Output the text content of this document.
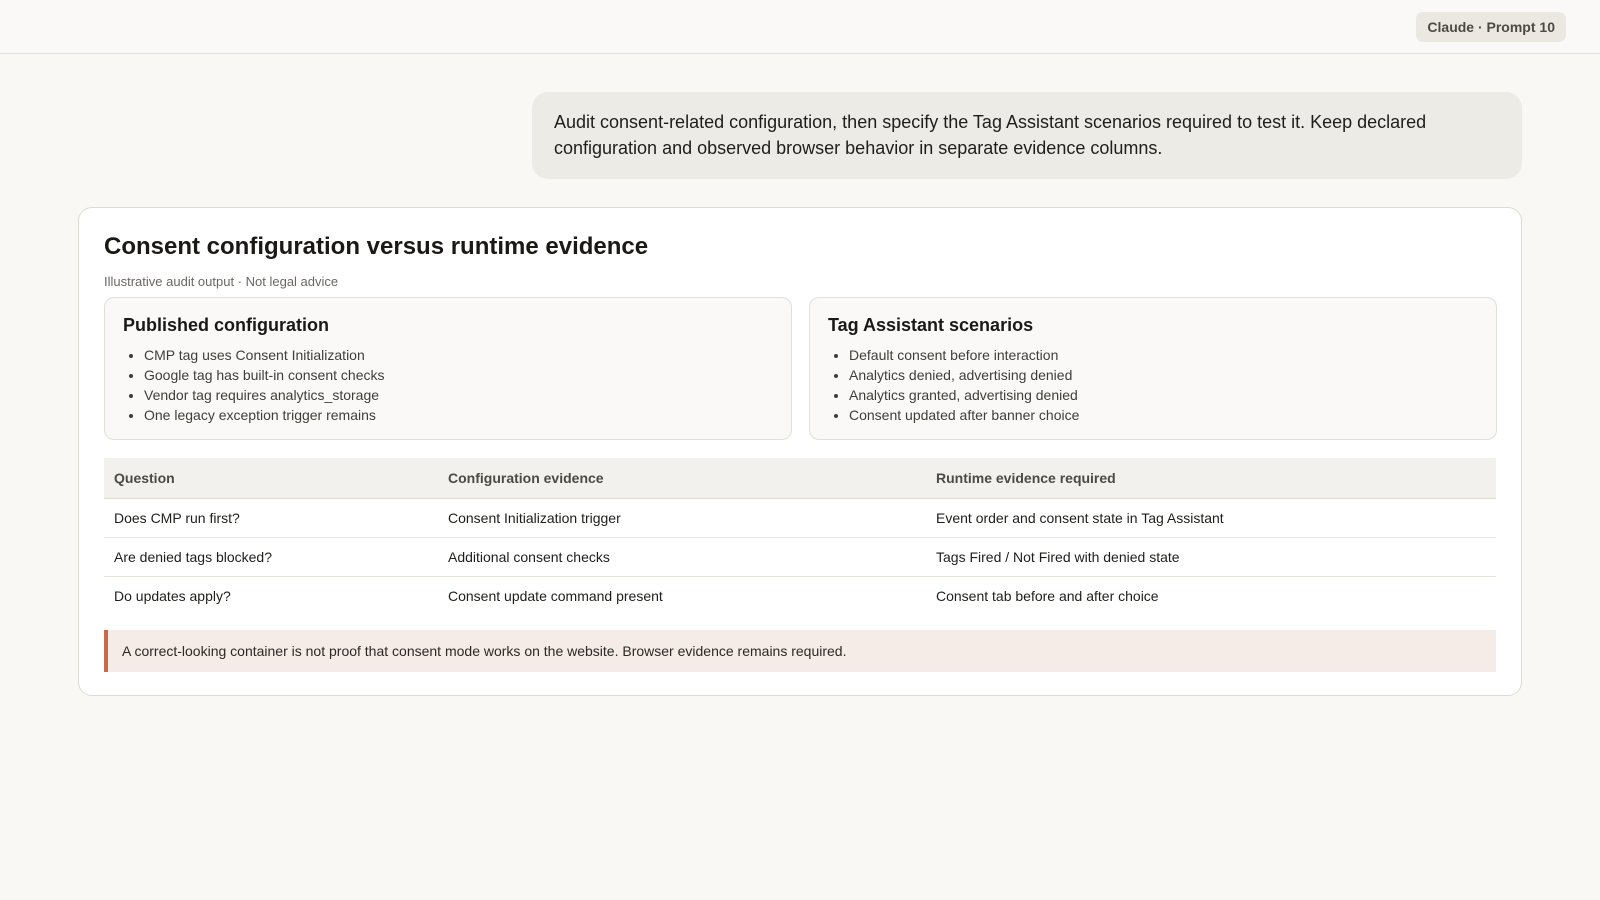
Claude · Prompt 10
Audit consent-related configuration, then specify the Tag Assistant scenarios required to test it. Keep declared configuration and observed browser behavior in separate evidence columns.
Consent configuration versus runtime evidence
Illustrative audit output · Not legal advice
Published configuration
• CMP tag uses Consent Initialization
• Google tag has built-in consent checks
• Vendor tag requires analytics_storage
• One legacy exception trigger remains
Tag Assistant scenarios
• Default consent before interaction
• Analytics denied, advertising denied
• Analytics granted, advertising denied
• Consent updated after banner choice
Question	Configuration evidence	Runtime evidence required
Does CMP run first?	Consent Initialization trigger	Event order and consent state in Tag Assistant
Are denied tags blocked?	Additional consent checks	Tags Fired / Not Fired with denied state
Do updates apply?	Consent update command present	Consent tab before and after choice
A correct-looking container is not proof that consent mode works on the website. Browser evidence remains required.
